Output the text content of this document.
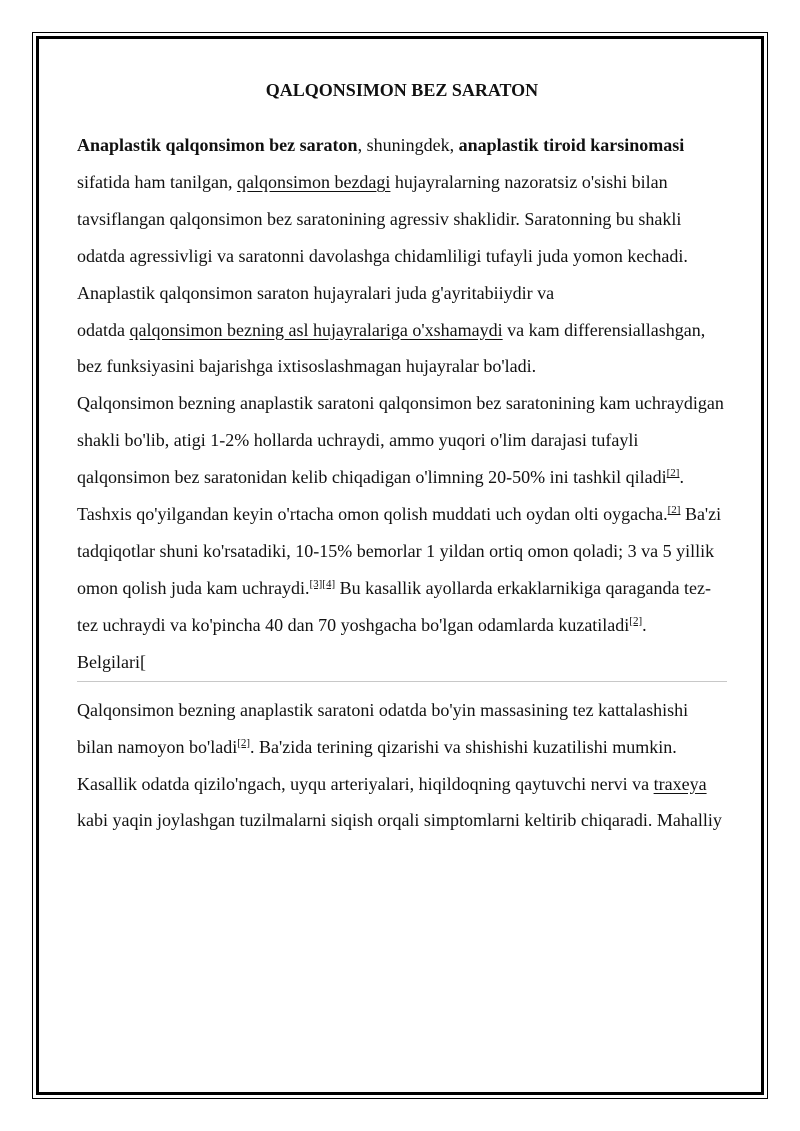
QALQONSIMON BEZ SARATON

Anaplastik qalqonsimon bez saraton, shuningdek, anaplastik tiroid karsinomasi sifatida ham tanilgan, qalqonsimon bezdagi hujayralarning nazoratsiz o'sishi bilan tavsiflangan qalqonsimon bez saratonining agressiv shaklidir. Saratonning bu shakli odatda agressivligi va saratonni davolashga chidamliligi tufayli juda yomon kechadi. Anaplastik qalqonsimon saraton hujayralari juda g'ayritabiiydir va
odatda qalqonsimon bezning asl hujayralariga o'xshamaydi va kam differensiallashgan, bez funksiyasini bajarishga ixtisoslashmagan hujayralar bo'ladi.

Qalqonsimon bezning anaplastik saratoni qalqonsimon bez saratonining kam uchraydigan shakli bo'lib, atigi 1-2% hollarda uchraydi, ammo yuqori o'lim darajasi tufayli qalqonsimon bez saratonidan kelib chiqadigan o'limning 20-50% ini tashkil qiladi[2]. Tashxis qo'yilgandan keyin o'rtacha omon qolish muddati uch oydan olti oygacha.[2] Ba'zi tadqiqotlar shuni ko'rsatadiki, 10-15% bemorlar 1 yildan ortiq omon qoladi; 3 va 5 yillik omon qolish juda kam uchraydi.[3][4] Bu kasallik ayollarda erkaklarnikiga qaraganda tez-tez uchraydi va ko'pincha 40 dan 70 yoshgacha bo'lgan odamlarda kuzatiladi[2].

Belgilari[

Qalqonsimon bezning anaplastik saratoni odatda bo'yin massasining tez kattalashishi bilan namoyon bo'ladi[2]. Ba'zida terining qizarishi va shishishi kuzatilishi mumkin. Kasallik odatda qizilo'ngach, uyqu arteriyalari, hiqildoqning qaytuvchi nervi va traxeya kabi yaqin joylashgan tuzilmalarni siqish orqali simptomlarni keltirib chiqaradi. Mahalliy
